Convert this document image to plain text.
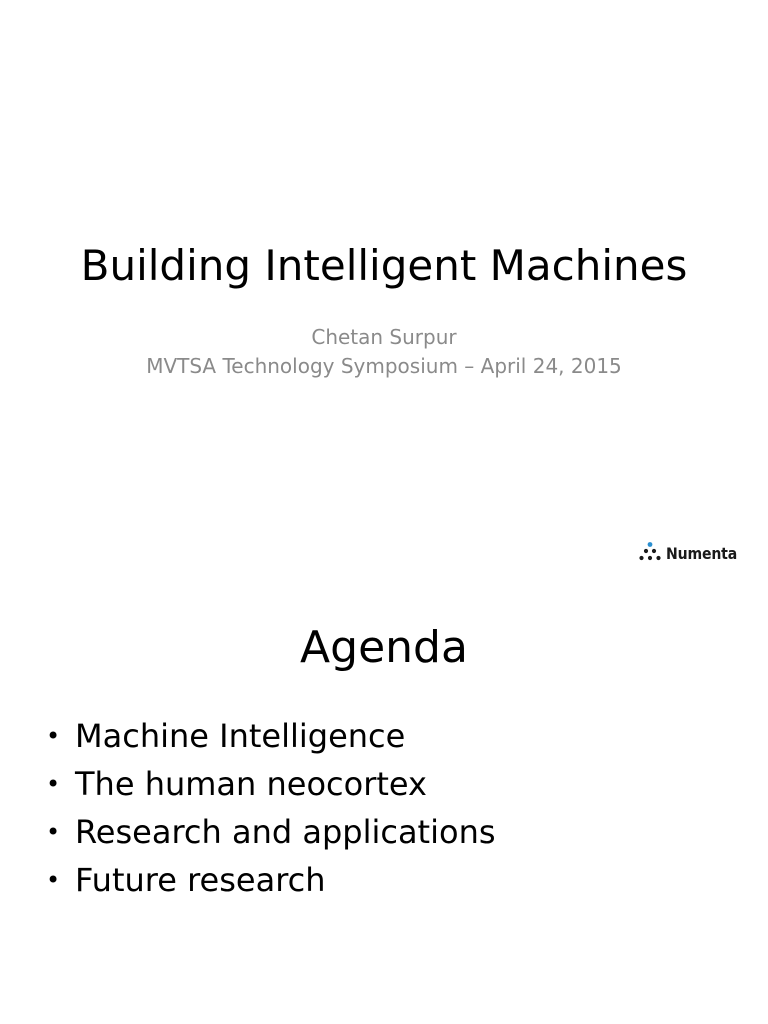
Building Intelligent Machines
Chetan Surpur
MVTSA Technology Symposium – April 24, 2015
Numenta
Agenda
• Machine Intelligence
• The human neocortex
• Research and applications
• Future research
